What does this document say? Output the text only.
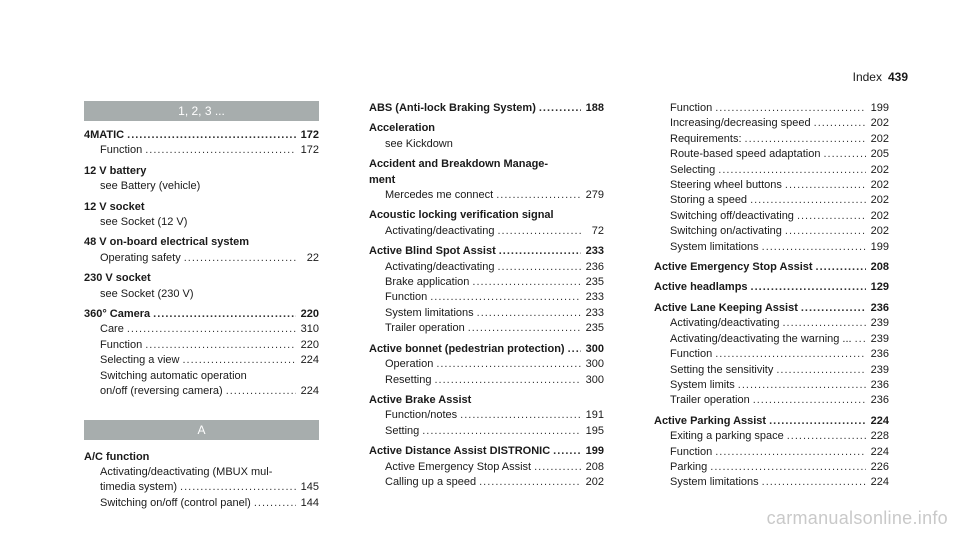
Index 439
1, 2, 3 ...
4MATIC .....	172
Function .....	172
12 V battery
see Battery (vehicle)
12 V socket
see Socket (12 V)
48 V on-board electrical system
Operating safety .....	22
230 V socket
see Socket (230 V)
360° Camera .....	220
Care .....	310
Function .....	220
Selecting a view .....	224
Switching automatic operation
on/off (reversing camera) .....	224
A
A/C function
Activating/deactivating (MBUX mul-
timedia system) .....	145
Switching on/off (control panel) .....	144
ABS (Anti-lock Braking System) .....	188
Acceleration
see Kickdown
Accident and Breakdown Manage-
ment
Mercedes me connect .....	279
Acoustic locking verification signal
Activating/deactivating .....	72
Active Blind Spot Assist .....	233
Activating/deactivating .....	236
Brake application .....	235
Function .....	233
System limitations .....	233
Trailer operation .....	235
Active bonnet (pedestrian protection) ..... 300
Operation .....	300
Resetting .....	300
Active Brake Assist
Function/notes .....	191
Setting .....	195
Active Distance Assist DISTRONIC .....	199
Active Emergency Stop Assist .....	208
Calling up a speed .....	202
Function .....	199
Increasing/decreasing speed .....	202
Requirements: .....	202
Route-based speed adaptation .....	205
Selecting .....	202
Steering wheel buttons .....	202
Storing a speed .....	202
Switching off/deactivating .....	202
Switching on/activating .....	202
System limitations .....	199
Active Emergency Stop Assist .....	208
Active headlamps .....	129
Active Lane Keeping Assist .....	236
Activating/deactivating .....	239
Activating/deactivating the warning ... ..... 239
Function .....	236
Setting the sensitivity .....	239
System limits .....	236
Trailer operation .....	236
Active Parking Assist .....	224
Exiting a parking space .....	228
Function .....	224
Parking .....	226
System limitations .....	224
carmanualsonline.info
